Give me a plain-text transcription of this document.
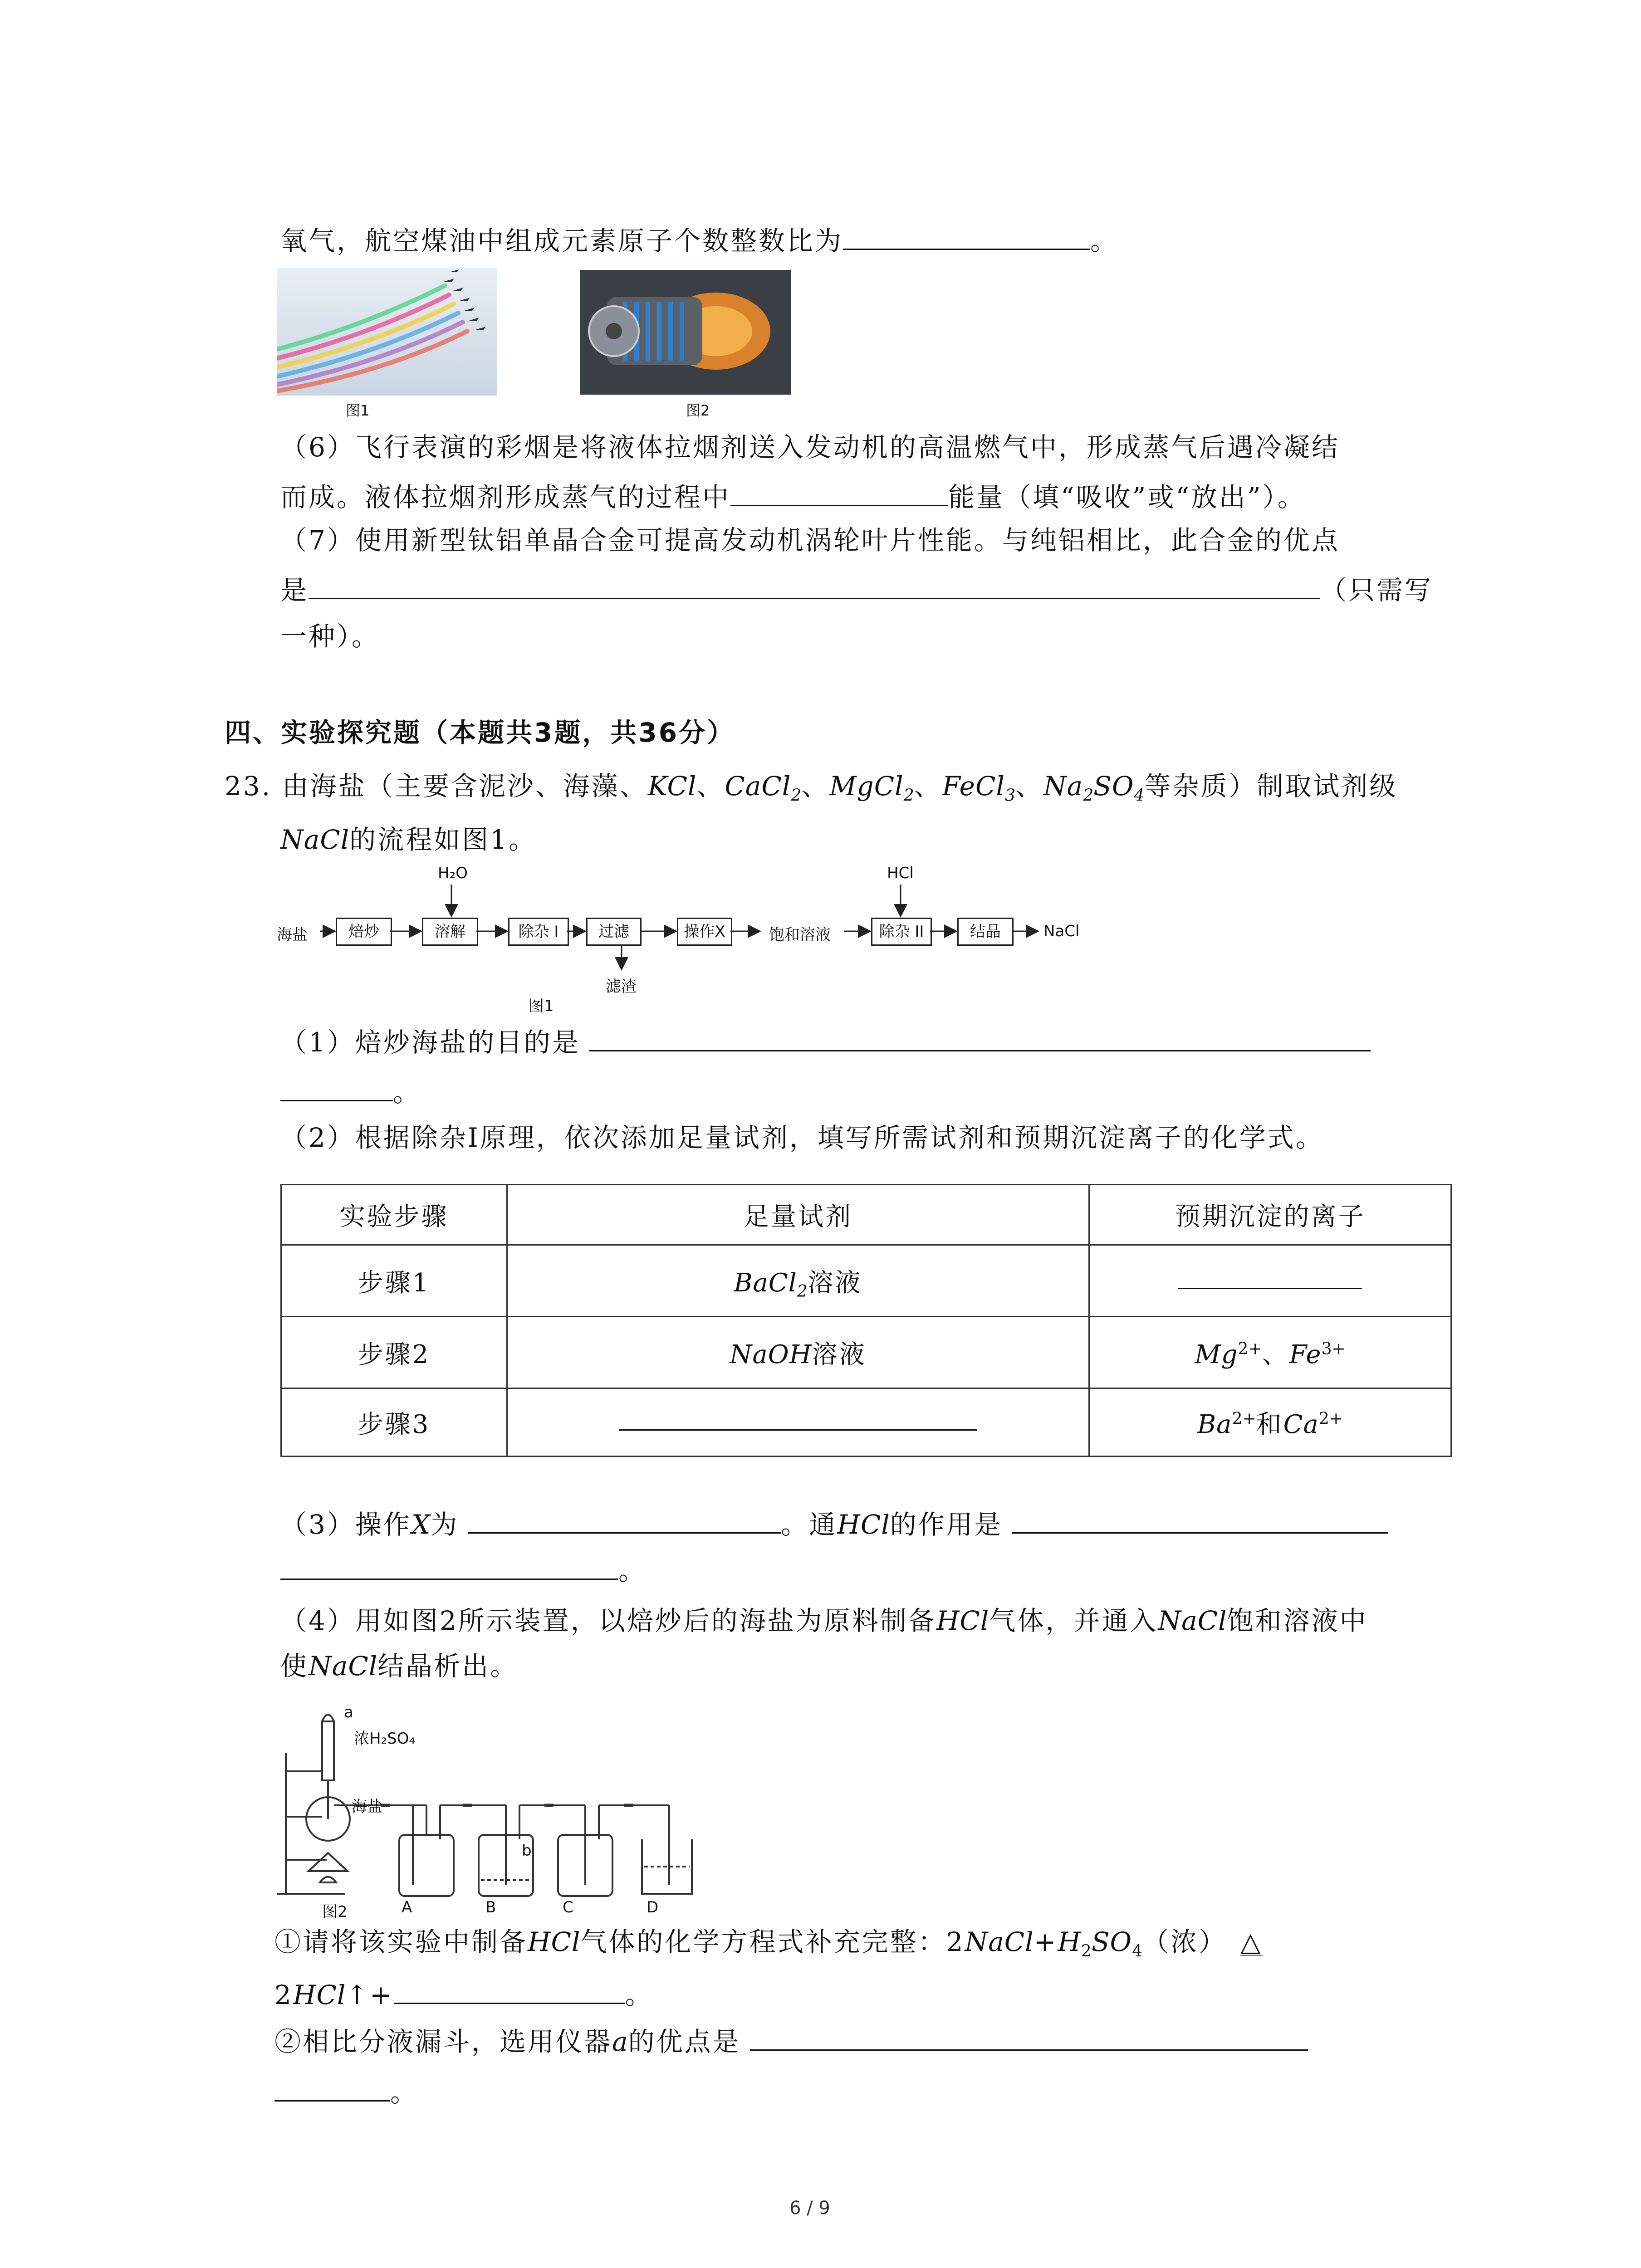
氧气，航空煤油中组成元素原子个数整数比为	。
图1	图2
（6）飞行表演的彩烟是将液体拉烟剂送入发动机的高温燃气中，形成蒸气后遇冷凝结
而成。液体拉烟剂形成蒸气的过程中	能量（填“吸收”或“放出”）。
（7）使用新型钛铝单晶合金可提高发动机涡轮叶片性能。与纯铝相比，此合金的优点
是	（只需写
一种）。
四、实验探究题（本题共3题，共36分）
23. 由海盐（主要含泥沙、海藻、KCl、CaCl$_2$、MgCl$_2$、FeCl$_3$、$Na_2SO_4$等杂质）制取试剂级
NaCl的流程如图1。
海盐	焙炒	溶解	除杂 I	过滤	操作X	饱和溶液	除杂 II	结晶	NaCl
H₂O	HCl
滤渣
图1
（1）焙炒海盐的目的是
。
（2）根据除杂Ⅰ原理，依次添加足量试剂，填写所需试剂和预期沉淀离子的化学式。
实验步骤	足量试剂	预期沉淀的离子
步骤1	BaCl$_2$溶液	
步骤2	NaOH溶液	$Mg^{2+}$、$Fe^{3+}$
步骤3		$Ba^{2+}$和$Ca^{2+}$
（3）操作X为	。通HCl的作用是
。
（4）用如图2所示装置，以焙炒后的海盐为原料制备HCl气体，并通入NaCl饱和溶液中
使NaCl结晶析出。
a
浓H₂SO₄
海盐
b
A	B	C	D
图2
①请将该实验中制备HCl气体的化学方程式补充完整：$2NaCl+H_2SO_4$（浓） △
2HCl↑+	。
②相比分液漏斗，选用仪器a的优点是
。
6 / 9
